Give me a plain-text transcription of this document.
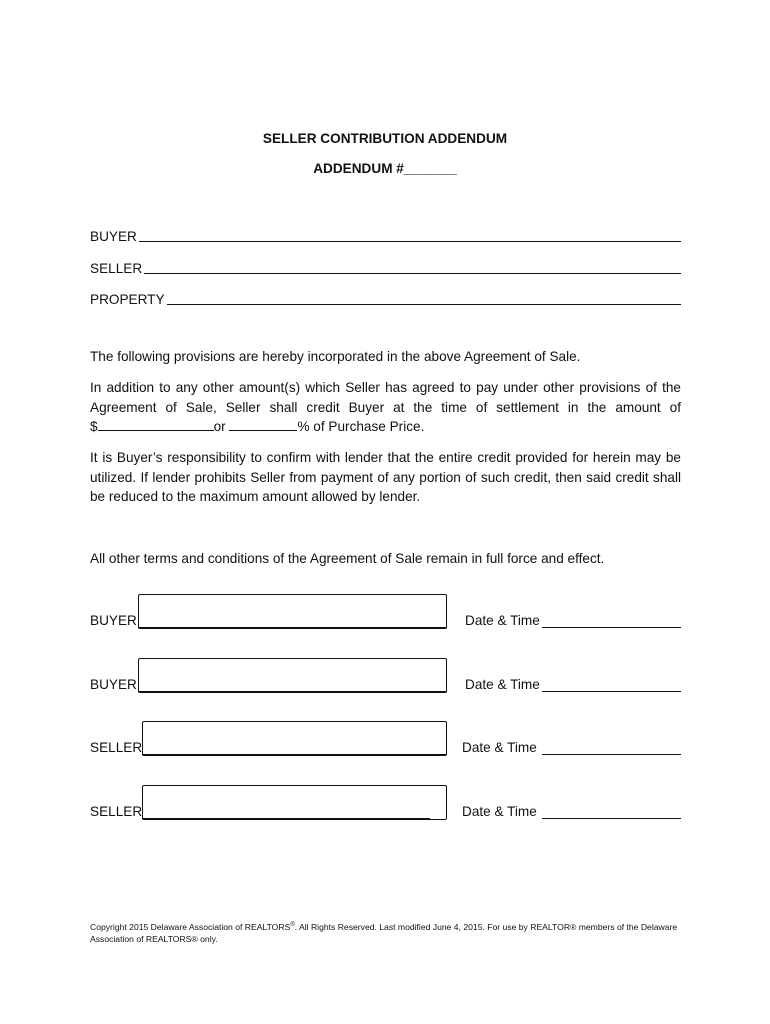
SELLER CONTRIBUTION ADDENDUM
ADDENDUM #_______
BUYER
SELLER
PROPERTY
The following provisions are hereby incorporated in the above Agreement of Sale.
In addition to any other amount(s) which Seller has agreed to pay under other provisions of the
Agreement of Sale, Seller shall credit Buyer at the time of settlement in the amount of
$	or	% of Purchase Price.
It is Buyer’s responsibility to confirm with lender that the entire credit provided for herein may be utilized. If lender prohibits Seller from payment of any portion of such credit, then said credit shall be reduced to the maximum amount allowed by lender.
All other terms and conditions of the Agreement of Sale remain in full force and effect.
BUYER	Date & Time
BUYER	Date & Time
SELLER	Date & Time
SELLER	Date & Time
Copyright 2015 Delaware Association of REALTORS®. All Rights Reserved. Last modified June 4, 2015. For use by REALTOR® members of the Delaware
Association of REALTORS® only.
